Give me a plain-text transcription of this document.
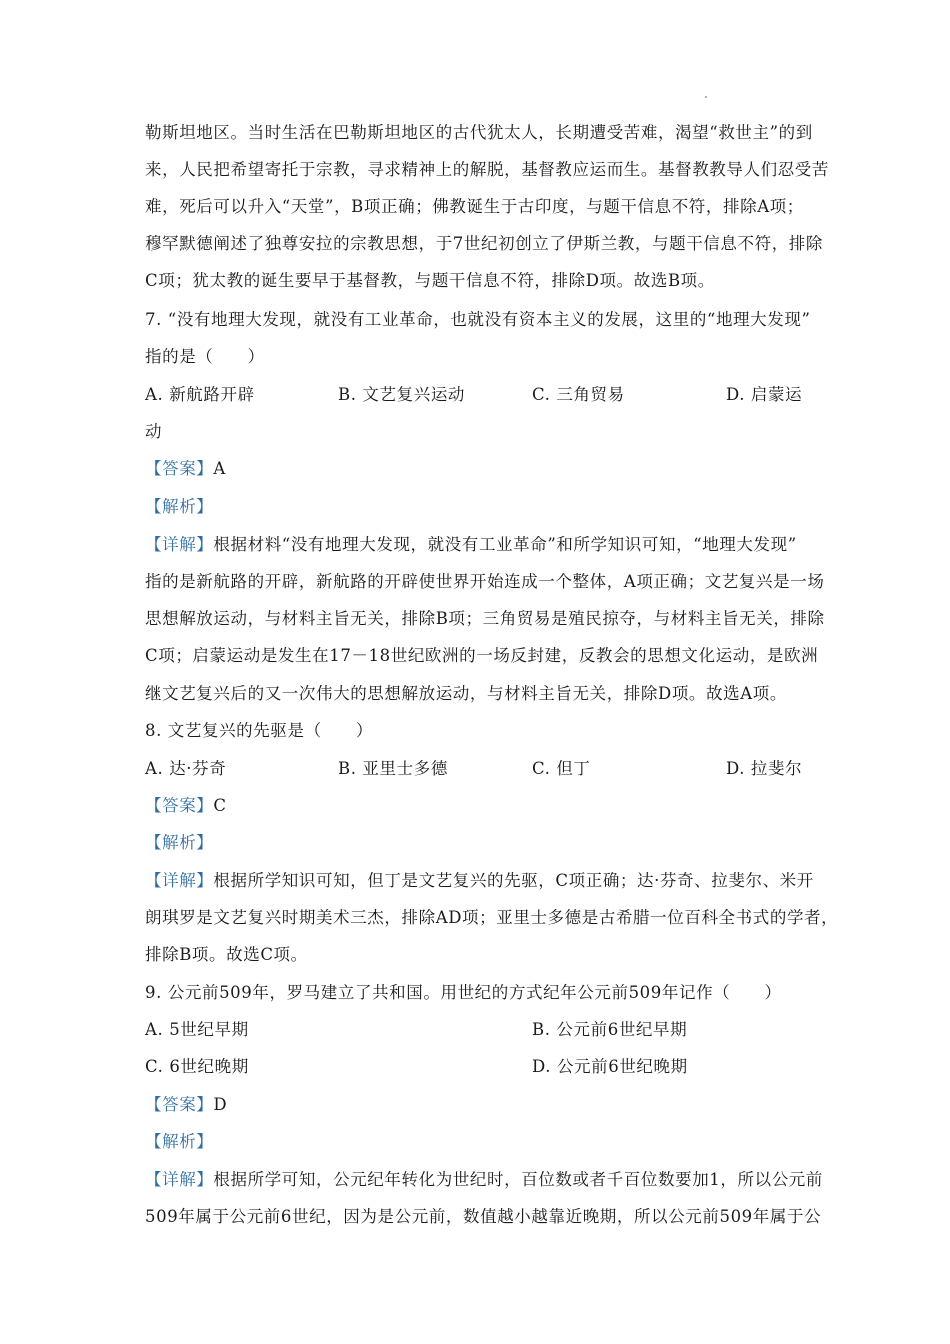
勒斯坦地区。当时生活在巴勒斯坦地区的古代犹太人，长期遭受苦难，渴望“救世主”的到
来，人民把希望寄托于宗教，寻求精神上的解脱，基督教应运而生。基督教教导人们忍受苦
难，死后可以升入“天堂”，B项正确；佛教诞生于古印度，与题干信息不符，排除A项；
穆罕默德阐述了独尊安拉的宗教思想，于7世纪初创立了伊斯兰教，与题干信息不符，排除
C项；犹太教的诞生要早于基督教，与题干信息不符，排除D项。故选B项。
7. “没有地理大发现，就没有工业革命，也就没有资本主义的发展，这里的“地理大发现”
指的是（　　）
A. 新航路开辟	B. 文艺复兴运动	C. 三角贸易	D. 启蒙运
动
【答案】A
【解析】
【详解】根据材料“没有地理大发现，就没有工业革命”和所学知识可知，“地理大发现”
指的是新航路的开辟，新航路的开辟使世界开始连成一个整体，A项正确；文艺复兴是一场
思想解放运动，与材料主旨无关，排除B项；三角贸易是殖民掠夺，与材料主旨无关，排除
C项；启蒙运动是发生在17－18世纪欧洲的一场反封建，反教会的思想文化运动，是欧洲
继文艺复兴后的又一次伟大的思想解放运动，与材料主旨无关，排除D项。故选A项。
8. 文艺复兴的先驱是（　　）
A. 达·芬奇	B. 亚里士多德	C. 但丁	D. 拉斐尔
【答案】C
【解析】
【详解】根据所学知识可知，但丁是文艺复兴的先驱，C项正确；达·芬奇、拉斐尔、米开
朗琪罗是文艺复兴时期美术三杰，排除AD项；亚里士多德是古希腊一位百科全书式的学者，
排除B项。故选C项。
9. 公元前509年，罗马建立了共和国。用世纪的方式纪年公元前509年记作（　　）
A. 5世纪早期	B. 公元前6世纪早期
C. 6世纪晚期	D. 公元前6世纪晚期
【答案】D
【解析】
【详解】根据所学可知，公元纪年转化为世纪时，百位数或者千百位数要加1，所以公元前
509年属于公元前6世纪，因为是公元前，数值越小越靠近晚期，所以公元前509年属于公
